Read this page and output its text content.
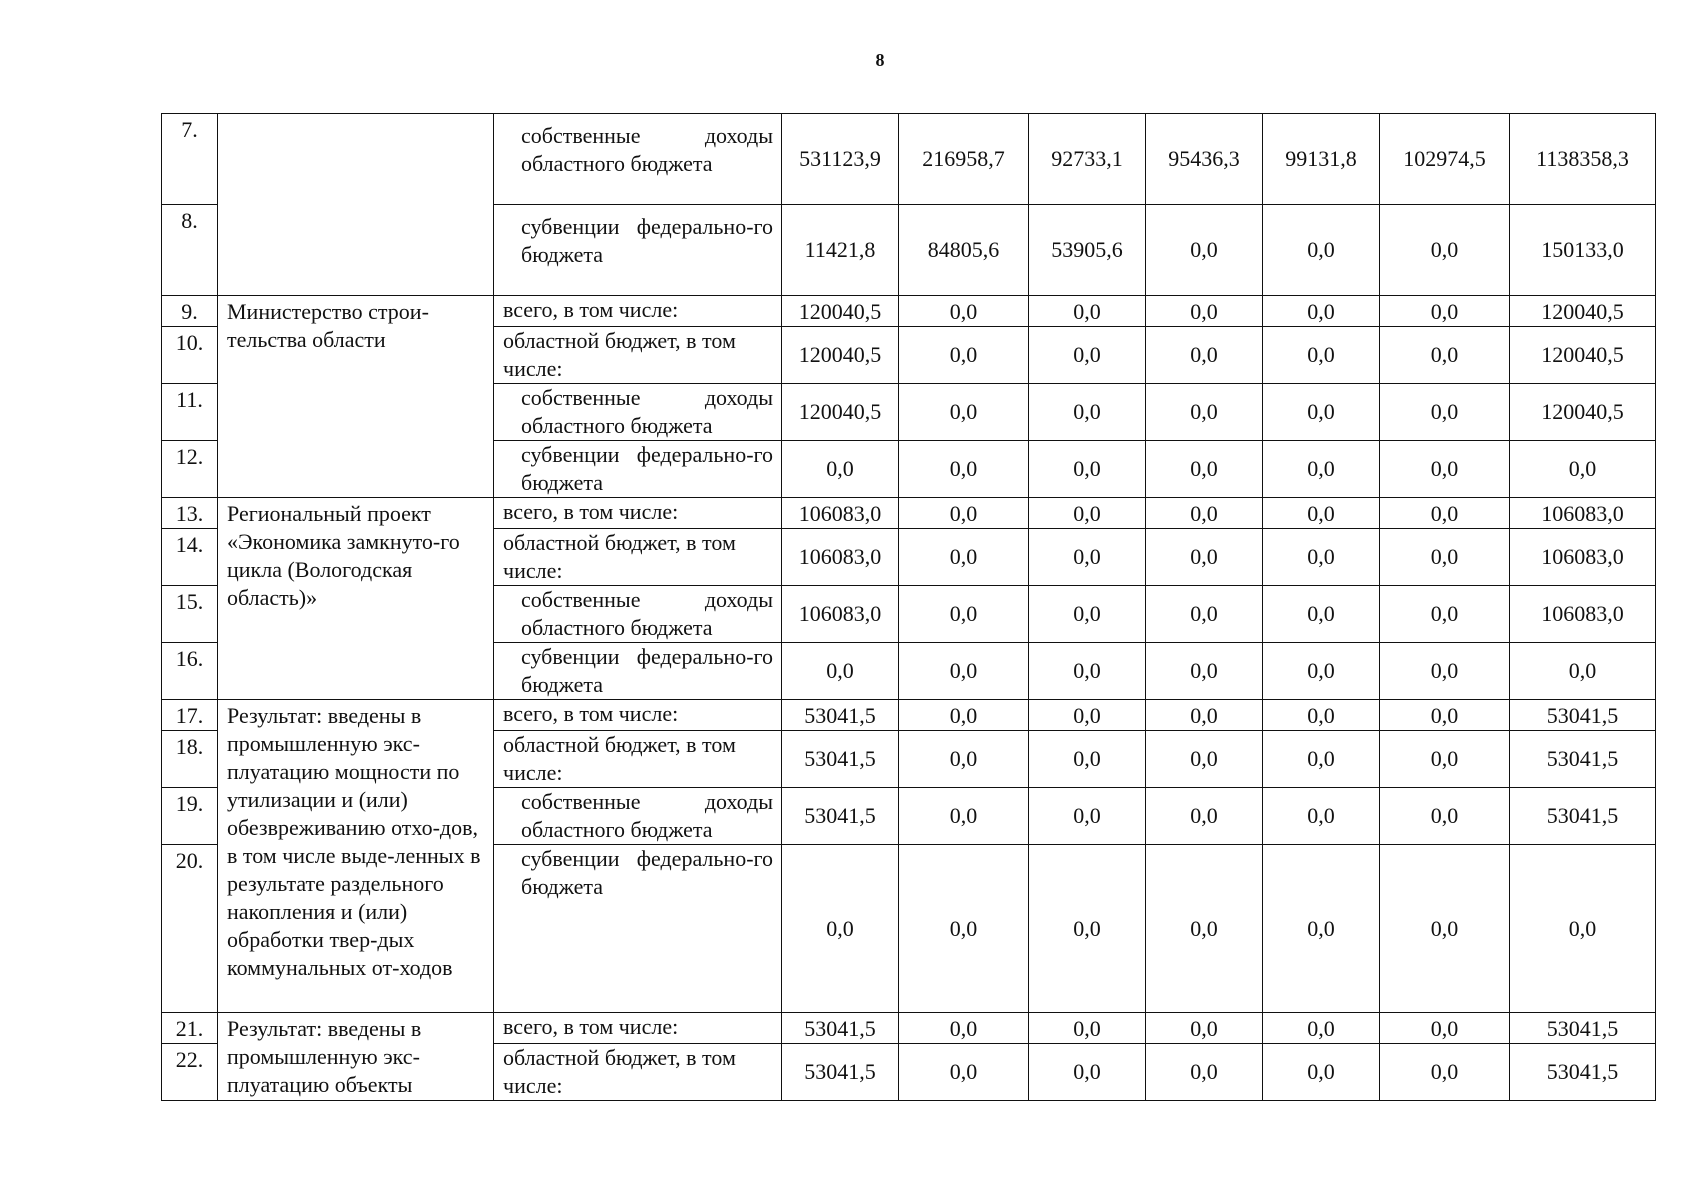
8
7.		собственные доходы областного бюджета	531123,9	216958,7	92733,1	95436,3	99131,8	102974,5	1138358,3
8.		субвенции федерально-го бюджета	11421,8	84805,6	53905,6	0,0	0,0	0,0	150133,0
9.	Министерство строи-тельства области	всего, в том числе:	120040,5	0,0	0,0	0,0	0,0	0,0	120040,5
10.		областной бюджет, в том числе:	120040,5	0,0	0,0	0,0	0,0	0,0	120040,5
11.		собственные доходы областного бюджета	120040,5	0,0	0,0	0,0	0,0	0,0	120040,5
12.		субвенции федерально-го бюджета	0,0	0,0	0,0	0,0	0,0	0,0	0,0
13.	Региональный проект «Экономика замкнуто-го цикла (Вологодская область)»	всего, в том числе:	106083,0	0,0	0,0	0,0	0,0	0,0	106083,0
14.		областной бюджет, в том числе:	106083,0	0,0	0,0	0,0	0,0	0,0	106083,0
15.		собственные доходы областного бюджета	106083,0	0,0	0,0	0,0	0,0	0,0	106083,0
16.		субвенции федерально-го бюджета	0,0	0,0	0,0	0,0	0,0	0,0	0,0
17.	Результат: введены в промышленную экс-плуатацию мощности по утилизации и (или) обезвреживанию отхо-дов, в том числе выде-ленных в результате раздельного накопления и (или) обработки твер-дых коммунальных от-ходов	всего, в том числе:	53041,5	0,0	0,0	0,0	0,0	0,0	53041,5
18.		областной бюджет, в том числе:	53041,5	0,0	0,0	0,0	0,0	0,0	53041,5
19.		собственные доходы областного бюджета	53041,5	0,0	0,0	0,0	0,0	0,0	53041,5
20.		субвенции федерально-го бюджета	0,0	0,0	0,0	0,0	0,0	0,0	0,0
21.	Результат: введены в промышленную экс-плуатацию объекты	всего, в том числе:	53041,5	0,0	0,0	0,0	0,0	0,0	53041,5
22.		областной бюджет, в том числе:	53041,5	0,0	0,0	0,0	0,0	0,0	53041,5
